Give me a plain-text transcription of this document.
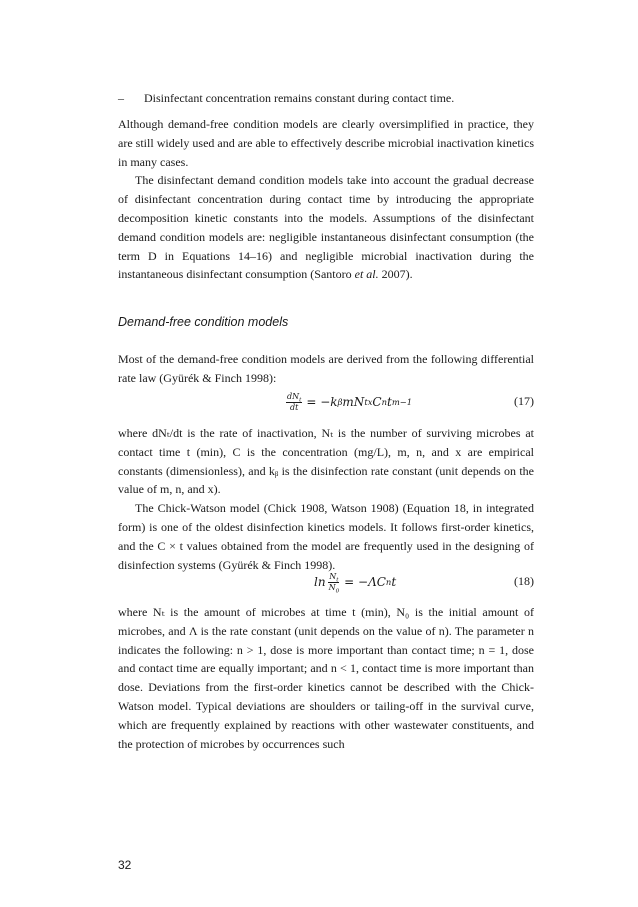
– Disinfectant concentration remains constant during contact time.

Although demand-free condition models are clearly oversimplified in practice, they are still widely used and are able to effectively describe microbial inactivation kinetics in many cases.

The disinfectant demand condition models take into account the gradual decrease of disinfectant concentration during contact time by introducing the appropriate decomposition kinetic constants into the models. Assumptions of the disinfectant demand condition models are: negligible instantaneous disinfectant consumption (the term D in Equations 14–16) and negligible microbial inactivation during the instantaneous disinfectant consumption (Santoro et al. 2007).

Demand-free condition models

Most of the demand-free condition models are derived from the following differential rate law (Gyürék & Finch 1998):

$\frac{dN_t}{dt} = -k$ β mN t x C n t m−1	(17)

where dNₜ/dt is the rate of inactivation, Nₜ is the number of surviving microbes at contact time t (min), C is the concentration (mg/L), m, n, and x are empirical constants (dimensionless), and kᵦ is the disinfection rate constant (unit depends on the value of m, n, and x).

The Chick-Watson model (Chick 1908, Watson 1908) (Equation 18, in integrated form) is one of the oldest disinfection kinetics models. It follows first-order kinetics, and the C × t values obtained from the model are frequently used in the designing of disinfection systems (Gyürék & Finch 1998).

$\ln \frac{N_t}{N_0} = -\Lambda C$ n t	(18)

where Nₜ is the amount of microbes at time t (min), N₀ is the initial amount of microbes, and Λ is the rate constant (unit depends on the value of n). The parameter n indicates the following: n > 1, dose is more important than contact time; n = 1, dose and contact time are equally important; and n < 1, contact time is more important than dose. Deviations from the first-order kinetics cannot be described with the Chick-Watson model. Typical deviations are shoulders or tailing-off in the survival curve, which are frequently explained by reactions with other wastewater constituents, and the protection of microbes by occurrences such

32
